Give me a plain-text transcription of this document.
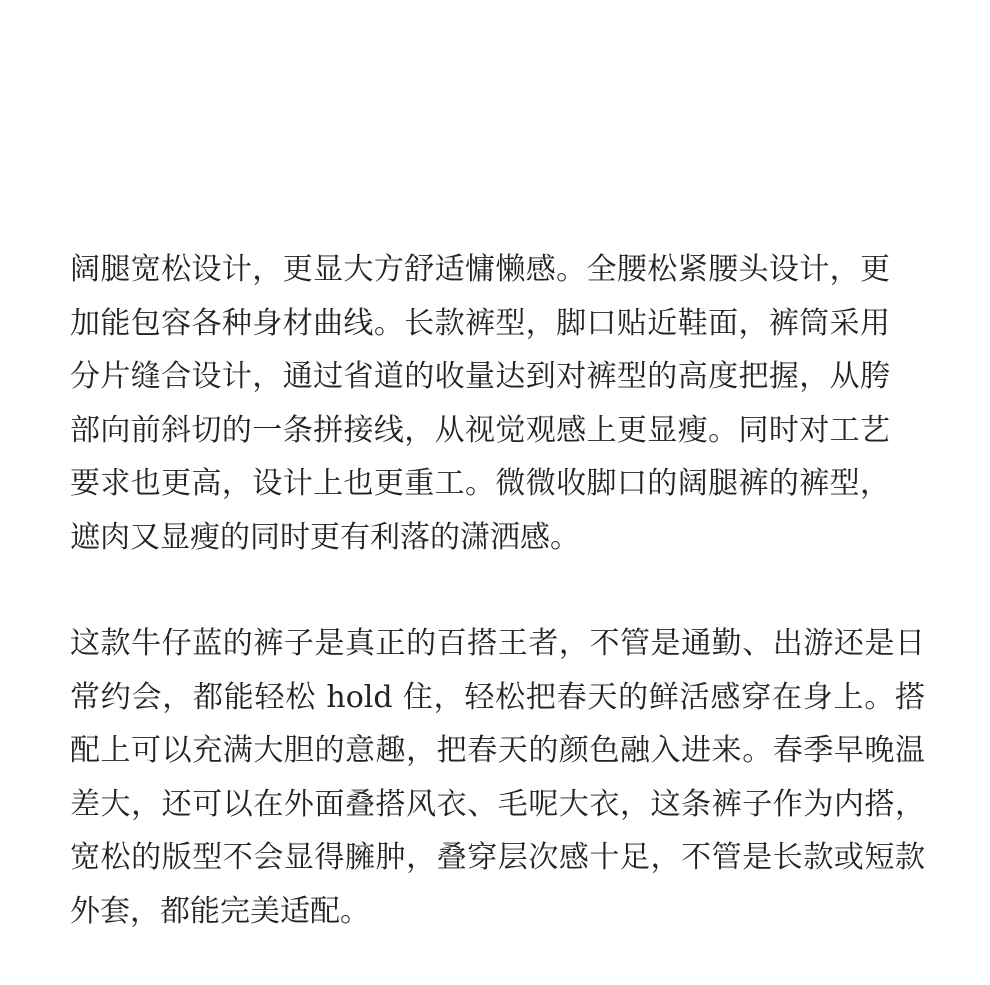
阔腿宽松设计，更显大方舒适慵懒感。全腰松紧腰头设计，更加能包容各种身材曲线。长款裤型，脚口贴近鞋面，裤筒采用分片缝合设计，通过省道的收量达到对裤型的高度把握，从胯部向前斜切的一条拼接线，从视觉观感上更显瘦。同时对工艺要求也更高，设计上也更重工。微微收脚口的阔腿裤的裤型，遮肉又显瘦的同时更有利落的潇洒感。

这款牛仔蓝的裤子是真正的百搭王者，不管是通勤、出游还是日常约会，都能轻松 hold 住，轻松把春天的鲜活感穿在身上。搭配上可以充满大胆的意趣，把春天的颜色融入进来。春季早晚温差大，还可以在外面叠搭风衣、毛呢大衣，这条裤子作为内搭，宽松的版型不会显得臃肿，叠穿层次感十足，不管是长款或短款外套，都能完美适配。
